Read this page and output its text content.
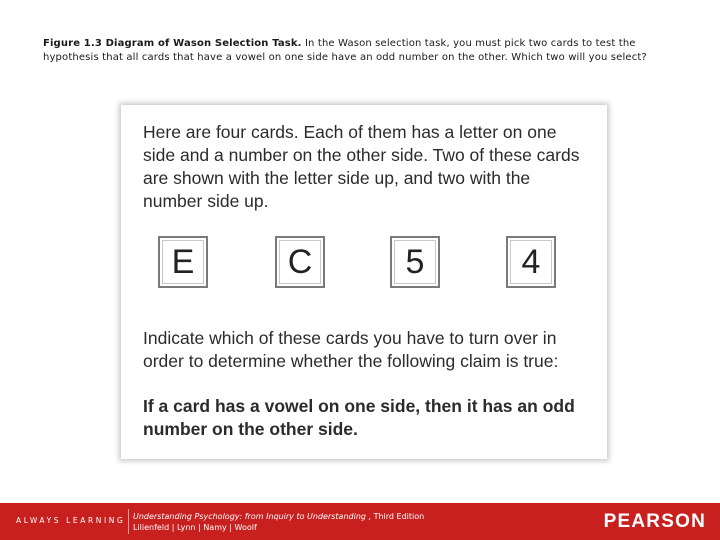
Figure 1.3 Diagram of Wason Selection Task. In the Wason selection task, you must pick two cards to test the hypothesis that all cards that have a vowel on one side have an odd number on the other. Which two will you select?
Here are four cards. Each of them has a letter on one side and a number on the other side. Two of these cards are shown with the letter side up, and two with the number side up.
E	C	5	4
Indicate which of these cards you have to turn over in order to determine whether the following claim is true:
If a card has a vowel on one side, then it has an odd number on the other side.
ALWAYS LEARNING Understanding Psychology: from Inquiry to Understanding , Third Edition
Lilienfeld | Lynn | Namy | Woolf	PEARSON
